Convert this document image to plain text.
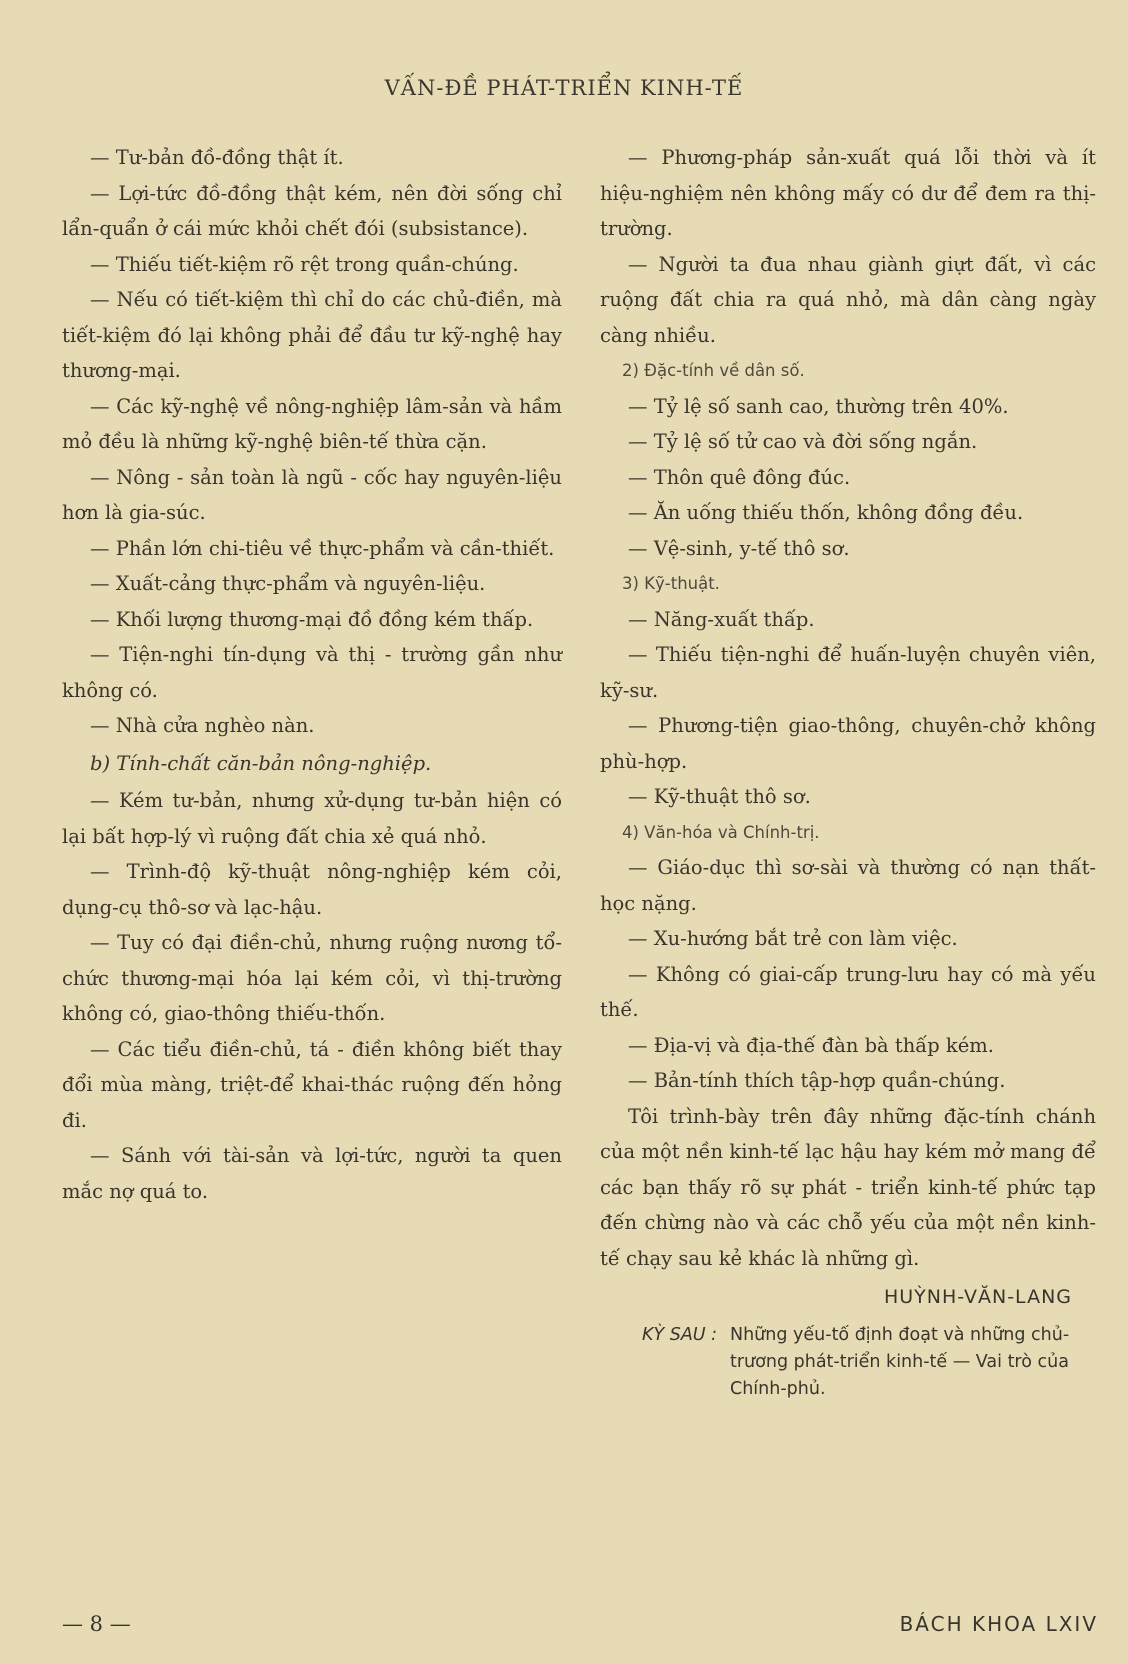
VẤN-ĐỀ PHÁT-TRIỂN KINH-TẾ

— Tư-bản đồ-đồng thật ít.

— Lợi-tức đồ-đồng thật kém, nên đời sống chỉ lẩn-quẩn ở cái mức khỏi chết đói (subsistance).

— Thiếu tiết-kiệm rõ rệt trong quần-chúng.

— Nếu có tiết-kiệm thì chỉ do các chủ-điền, mà tiết-kiệm đó lại không phải để đầu tư kỹ-nghệ hay thương-mại.

— Các kỹ-nghệ về nông-nghiệp lâm-sản và hầm mỏ đều là những kỹ-nghệ biên-tế thừa cặn.

— Nông - sản toàn là ngũ - cốc hay nguyên-liệu hơn là gia-súc.

— Phần lớn chi-tiêu về thực-phẩm và cần-thiết.

— Xuất-cảng thực-phẩm và nguyên-liệu.

— Khối lượng thương-mại đồ đồng kém thấp.

— Tiện-nghi tín-dụng và thị - trường gần như không có.

— Nhà cửa nghèo nàn.

b) Tính-chất căn-bản nông-nghiệp.

— Kém tư-bản, nhưng xử-dụng tư-bản hiện có lại bất hợp-lý vì ruộng đất chia xẻ quá nhỏ.

— Trình-độ kỹ-thuật nông-nghiệp kém cỏi, dụng-cụ thô-sơ và lạc-hậu.

— Tuy có đại điền-chủ, nhưng ruộng nương tổ-chức thương-mại hóa lại kém cỏi, vì thị-trường không có, giao-thông thiếu-thốn.

— Các tiểu điền-chủ, tá - điền không biết thay đổi mùa màng, triệt-để khai-thác ruộng đến hỏng đi.

— Sánh với tài-sản và lợi-tức, người ta quen mắc nợ quá to.

— Phương-pháp sản-xuất quá lỗi thời và ít hiệu-nghiệm nên không mấy có dư để đem ra thị-trường.

— Người ta đua nhau giành giựt đất, vì các ruộng đất chia ra quá nhỏ, mà dân càng ngày càng nhiều.

2) Đặc-tính về dân số.

— Tỷ lệ số sanh cao, thường trên 40%.

— Tỷ lệ số tử cao và đời sống ngắn.

— Thôn quê đông đúc.

— Ăn uống thiếu thốn, không đồng đều.

— Vệ-sinh, y-tế thô sơ.

3) Kỹ-thuật.

— Năng-xuất thấp.

— Thiếu tiện-nghi để huấn-luyện chuyên viên, kỹ-sư.

— Phương-tiện giao-thông, chuyên-chở không phù-hợp.

— Kỹ-thuật thô sơ.

4) Văn-hóa và Chính-trị.

— Giáo-dục thì sơ-sài và thường có nạn thất-học nặng.

— Xu-hướng bắt trẻ con làm việc.

— Không có giai-cấp trung-lưu hay có mà yếu thế.

— Địa-vị và địa-thế đàn bà thấp kém.

— Bản-tính thích tập-hợp quần-chúng.

Tôi trình-bày trên đây những đặc-tính chánh của một nền kinh-tế lạc hậu hay kém mở mang để các bạn thấy rõ sự phát - triển kinh-tế phức tạp đến chừng nào và các chỗ yếu của một nền kinh-tế chạy sau kẻ khác là những gì.

HUỲNH-VĂN-LANG

KỲ SAU : Những yếu-tố định đoạt và những chủ-trương phát-triển kinh-tế — Vai trò của Chính-phủ.
— 8 —	BÁCH KHOA LXIV
